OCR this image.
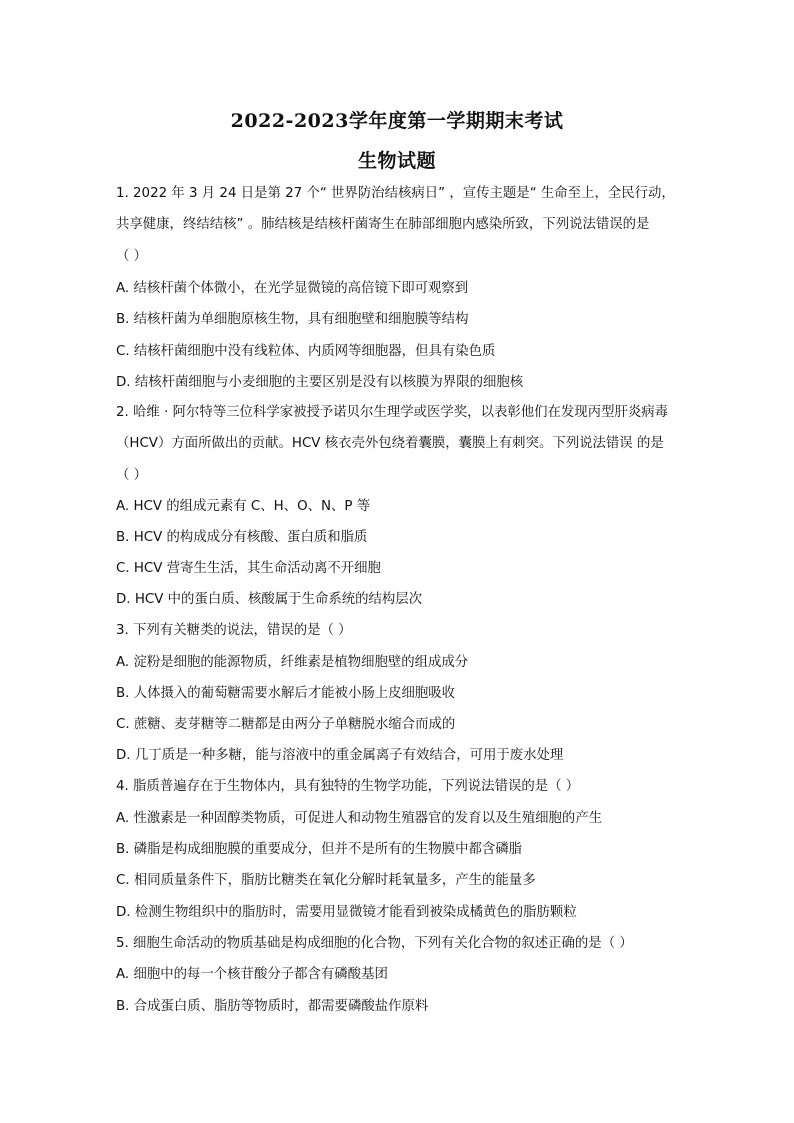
2022-2023学年度第一学期期末考试
生物试题
1. 2022 年 3 月 24 日是第 27 个“ 世界防治结核病日” ，宣传主题是“ 生命至上，全民行动，
共享健康，终结结核” 。肺结核是结核杆菌寄生在肺部细胞内感染所致，下列说法错误的是
（ ）
A. 结核杆菌个体微小，在光学显微镜的高倍镜下即可观察到
B. 结核杆菌为单细胞原核生物，具有细胞壁和细胞膜等结构
C. 结核杆菌细胞中没有线粒体、内质网等细胞器，但具有染色质
D. 结核杆菌细胞与小麦细胞的主要区别是没有以核膜为界限的细胞核
2. 哈维 · 阿尔特等三位科学家被授予诺贝尔生理学或医学奖，以表彰他们在发现丙型肝炎病毒
（HCV）方面所做出的贡献。HCV 核衣壳外包绕着囊膜，囊膜上有刺突。下列说法错误 的是
（ ）
A. HCV 的组成元素有 C、H、O、N、P 等
B. HCV 的构成成分有核酸、蛋白质和脂质
C. HCV 营寄生生活，其生命活动离不开细胞
D. HCV 中的蛋白质、核酸属于生命系统的结构层次
3. 下列有关糖类的说法，错误的是（ ）
A. 淀粉是细胞的能源物质，纤维素是植物细胞壁的组成成分
B. 人体摄入的葡萄糖需要水解后才能被小肠上皮细胞吸收
C. 蔗糖、麦芽糖等二糖都是由两分子单糖脱水缩合而成的
D. 几丁质是一种多糖，能与溶液中的重金属离子有效结合，可用于废水处理
4. 脂质普遍存在于生物体内，具有独特的生物学功能，下列说法错误的是（ ）
A. 性激素是一种固醇类物质，可促进人和动物生殖器官的发育以及生殖细胞的产生
B. 磷脂是构成细胞膜的重要成分，但并不是所有的生物膜中都含磷脂
C. 相同质量条件下，脂肪比糖类在氧化分解时耗氧量多，产生的能量多
D. 检测生物组织中的脂肪时，需要用显微镜才能看到被染成橘黄色的脂肪颗粒
5. 细胞生命活动的物质基础是构成细胞的化合物，下列有关化合物的叙述正确的是（ ）
A. 细胞中的每一个核苷酸分子都含有磷酸基团
B. 合成蛋白质、脂肪等物质时，都需要磷酸盐作原料
